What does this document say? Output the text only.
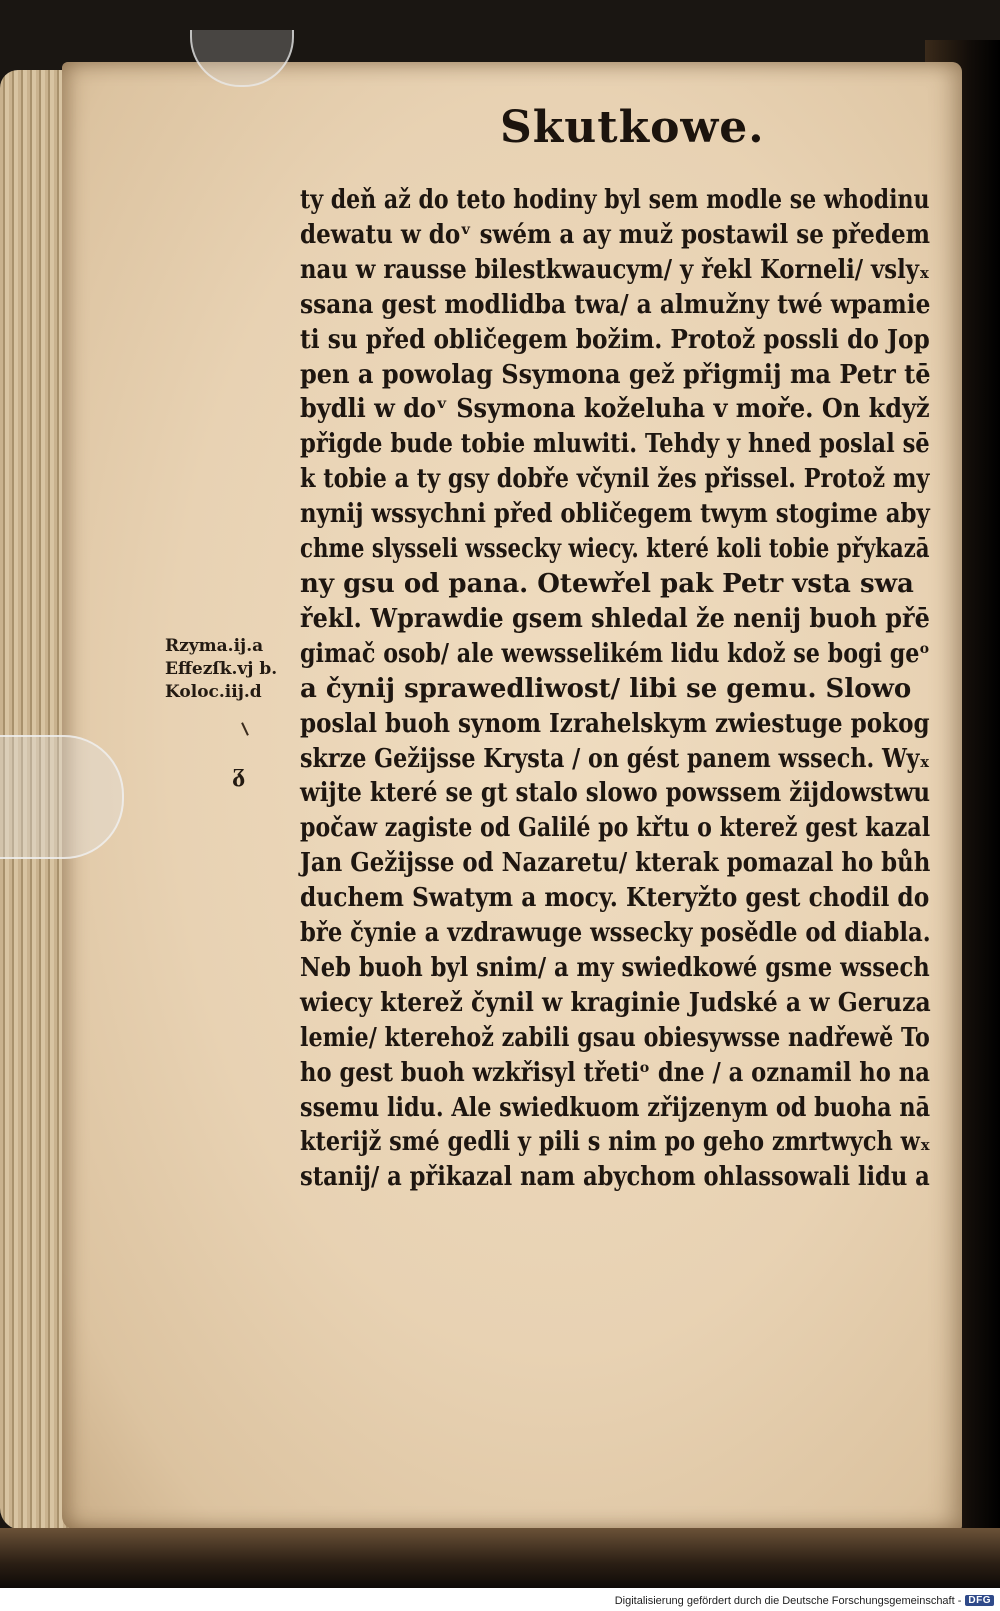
Skutkowe.
ty deň až do teto hodiny byl sem modle se whodinu
dewatu w doᵛ swém a ay muž postawil se předem
nau w rausse bilestkwaucym/ y řekl Korneli/ vslyₓ
ssana gest modlidba twa/ a almužny twé wpamie
ti su před obličegem božim. Protož possli do Jop
pen a powolag Ssymona gež přigmij ma Petr tē
bydli w doᵛ Ssymona koželuha v moře. On když
přigde bude tobie mluwiti. Tehdy y hned poslal sē
k tobie a ty gsy dobře včynil žes přissel. Protož my
nynij wssychni před obličegem twym stogime aby
chme slysseli wssecky wiecy. které koli tobie přykazā
ny gsu od pana. Otewřel pak Petr vsta swa
řekl. Wprawdie gsem shledal že nenij buoh přē
gimač osob/ ale wewsselikém lidu kdož se bogi geᵒ
a čynij sprawedliwost/ libi se gemu. Slowo
poslal buoh synom Izrahelskym zwiestuge pokog
skrze Gežijsse Krysta / on gést panem wssech. Wyₓ
wijte které se gt stalo slowo powssem žijdowstwu
počaw zagiste od Galilé po křtu o kterež gest kazal
Jan Gežijsse od Nazaretu/ kterak pomazal ho bůh
duchem Swatym a mocy. Kteryžto gest chodil do
bře čynie a vzdrawuge wssecky posědle od diabla.
Neb buoh byl snim/ a my swiedkowé gsme wssech
wiecy kterež čynil w kraginie Judské a w Geruza
lemie/ kterehož zabili gsau obiesywsse nadřewě To
ho gest buoh wzkřisyl třetiᵒ dne / a oznamil ho na
ssemu lidu. Ale swiedkuom zřijzenym od buoha nā
kterijž smé gedli y pili s nim po geho zmrtwych wₓ
stanij/ a přikazal nam abychom ohlassowali lidu a
Rzyma.ij.a
Effezſk.vj b.
Koloc.iij.d
ᵹ
Digitalisierung gefördert durch die Deutsche Forschungsgemeinschaft - DFG
